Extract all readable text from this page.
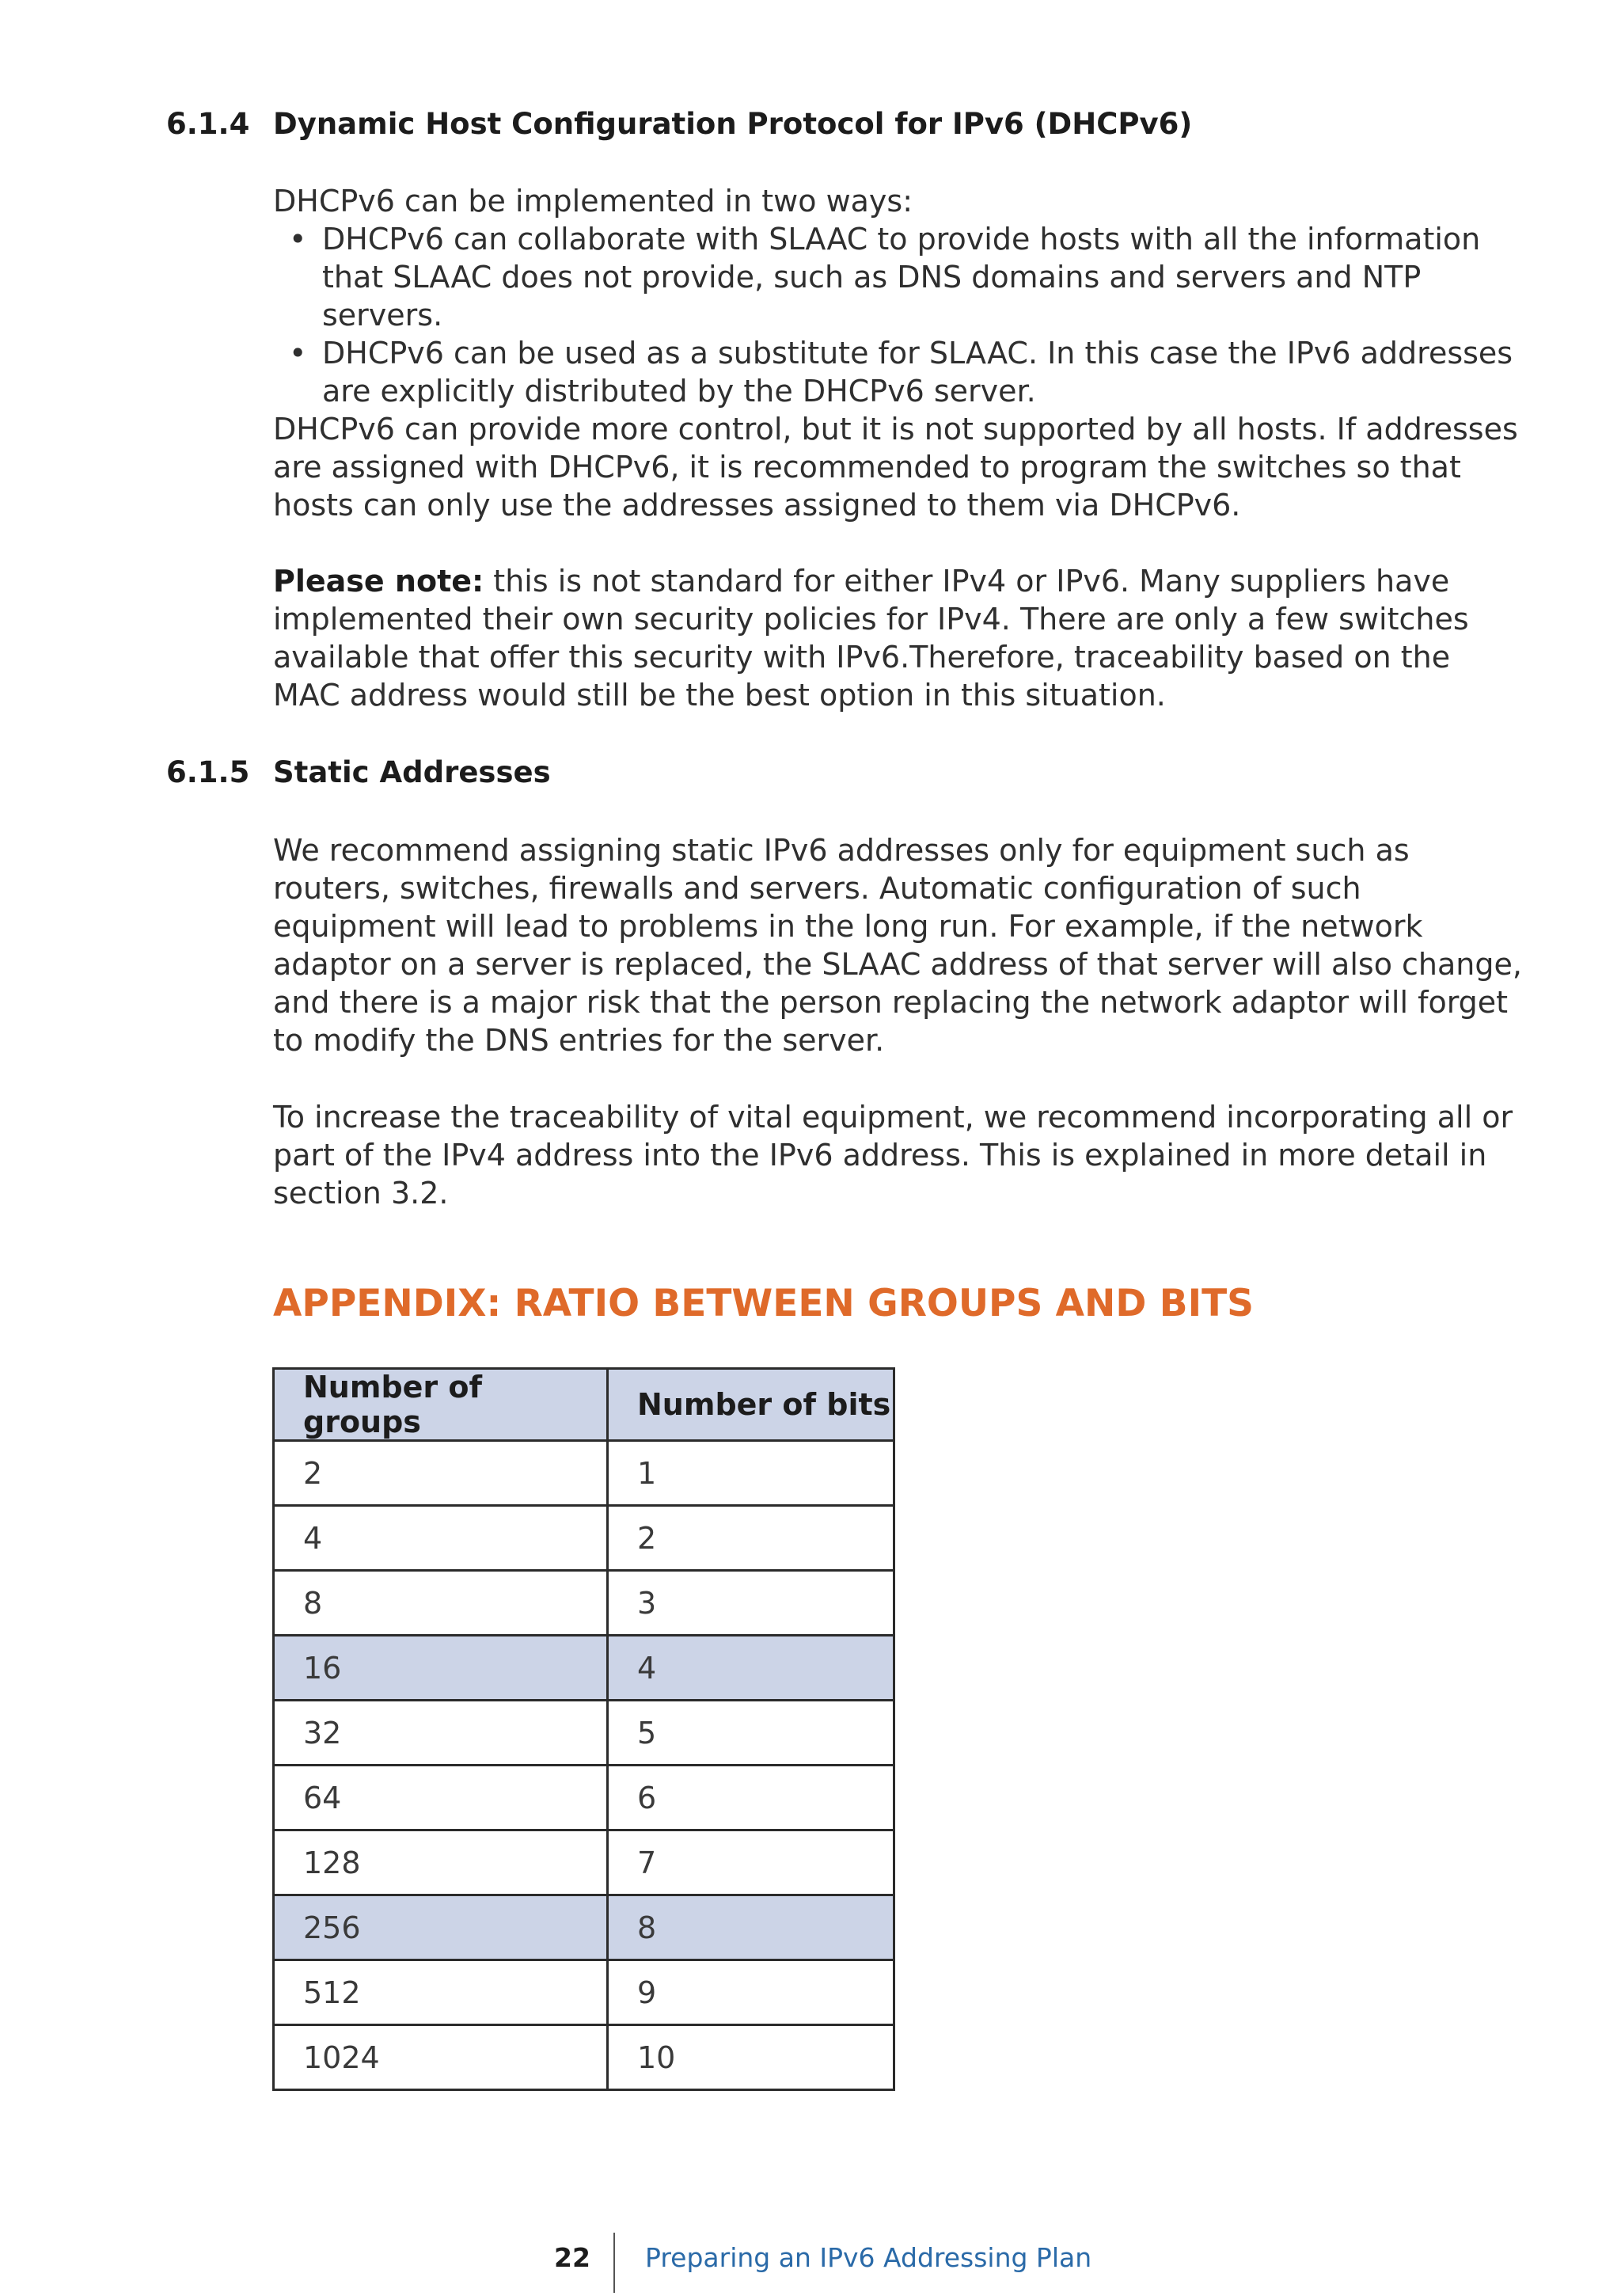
6.1.4 Dynamic Host Configuration Protocol for IPv6 (DHCPv6)

DHCPv6 can be implemented in two ways:

• DHCPv6 can collaborate with SLAAC to provide hosts with all the information that SLAAC does not provide, such as DNS domains and servers and NTP servers.
• DHCPv6 can be used as a substitute for SLAAC. In this case the IPv6 addresses are explicitly distributed by the DHCPv6 server.

DHCPv6 can provide more control, but it is not supported by all hosts. If addresses are assigned with DHCPv6, it is recommended to program the switches so that hosts can only use the addresses assigned to them via DHCPv6.

Please note: this is not standard for either IPv4 or IPv6. Many suppliers have implemented their own security policies for IPv4. There are only a few switches available that offer this security with IPv6.Therefore, traceability based on the MAC address would still be the best option in this situation.

6.1.5 Static Addresses

We recommend assigning static IPv6 addresses only for equipment such as routers, switches, firewalls and servers. Automatic configuration of such equipment will lead to problems in the long run. For example, if the network adaptor on a server is replaced, the SLAAC address of that server will also change, and there is a major risk that the person replacing the network adaptor will forget to modify the DNS entries for the server.

To increase the traceability of vital equipment, we recommend incorporating all or part of the IPv4 address into the IPv6 address. This is explained in more detail in section 3.2.

APPENDIX: RATIO BETWEEN GROUPS AND BITS
Number of groups	Number of bits
2	1
4	2
8	3
16	4
32	5
64	6
128	7
256	8
512	9
1024	10
22 Preparing an IPv6 Addressing Plan
